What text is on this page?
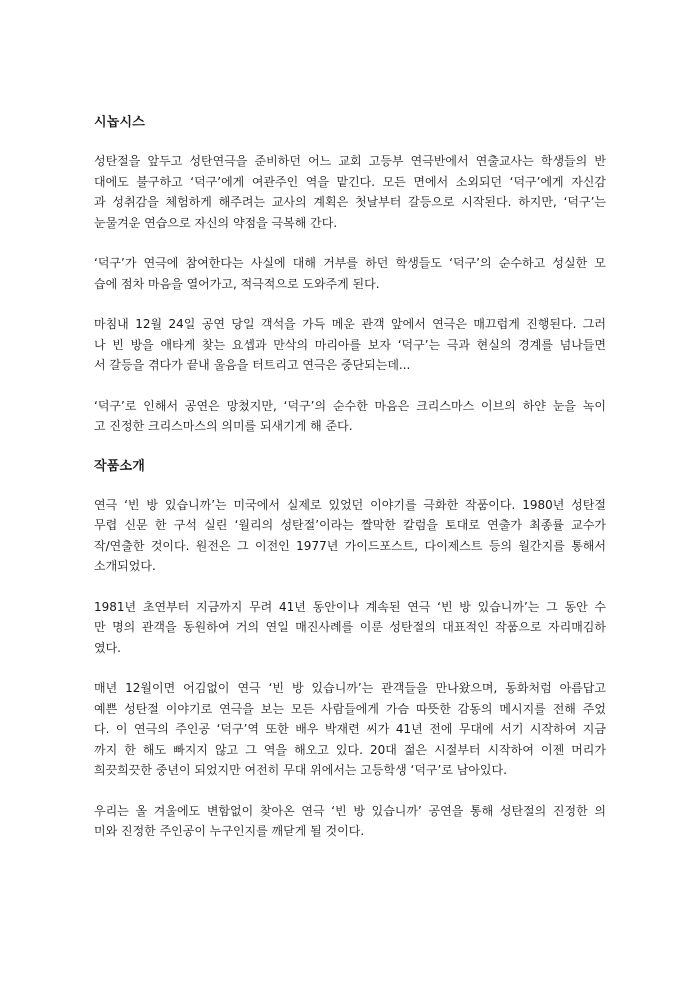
시놉시스
성탄절을 앞두고 성탄연극을 준비하던 어느 교회 고등부 연극반에서 연출교사는 학생들의 반
대에도 불구하고 ‘덕구’에게 여관주인 역을 맡긴다. 모든 면에서 소외되던 ‘덕구’에게 자신감
과 성취감을 체험하게 해주려는 교사의 계획은 첫날부터 갈등으로 시작된다. 하지만, ‘덕구’는
눈물겨운 연습으로 자신의 약점을 극복해 간다.
‘덕구’가 연극에 참여한다는 사실에 대해 거부를 하던 학생들도 ‘덕구’의 순수하고 성실한 모
습에 점차 마음을 열어가고, 적극적으로 도와주게 된다.
마침내 12월 24일 공연 당일 객석을 가득 메운 관객 앞에서 연극은 매끄럽게 진행된다. 그러
나 빈 방을 애타게 찾는 요셉과 만삭의 마리아를 보자 ‘덕구’는 극과 현실의 경계를 넘나들면
서 갈등을 겪다가 끝내 울음을 터트리고 연극은 중단되는데...
‘덕구’로 인해서 공연은 망쳤지만, ‘덕구’의 순수한 마음은 크리스마스 이브의 하얀 눈을 녹이
고 진정한 크리스마스의 의미를 되새기게 해 준다.
작품소개
연극 ‘빈 방 있습니까’는 미국에서 실제로 있었던 이야기를 극화한 작품이다. 1980년 성탄절
무렵 신문 한 구석 실린 ‘월리의 성탄절’이라는 짤막한 칼럼을 토대로 연출가 최종률 교수가
작/연출한 것이다. 원전은 그 이전인 1977년 가이드포스트, 다이제스트 등의 월간지를 통해서
소개되었다.
1981년 초연부터 지금까지 무려 41년 동안이나 계속된 연극 ‘빈 방 있습니까’는 그 동안 수
만 명의 관객을 동원하여 거의 연일 매진사례를 이룬 성탄절의 대표적인 작품으로 자리매김하
였다.
매년 12월이면 어김없이 연극 ‘빈 방 있습니까’는 관객들을 만나왔으며, 동화처럼 아름답고
예쁜 성탄절 이야기로 연극을 보는 모든 사람들에게 가슴 따뜻한 감동의 메시지를 전해 주었
다. 이 연극의 주인공 ‘덕구’역 또한 배우 박재련 씨가 41년 전에 무대에 서기 시작하여 지금
까지 한 해도 빠지지 않고 그 역을 해오고 있다. 20대 젊은 시절부터 시작하여 이젠 머리가
희끗희끗한 중년이 되었지만 여전히 무대 위에서는 고등학생 ‘덕구’로 남아있다.
우리는 올 겨울에도 변함없이 찾아온 연극 ‘빈 방 있습니까’ 공연을 통해 성탄절의 진정한 의
미와 진정한 주인공이 누구인지를 깨닫게 될 것이다.
